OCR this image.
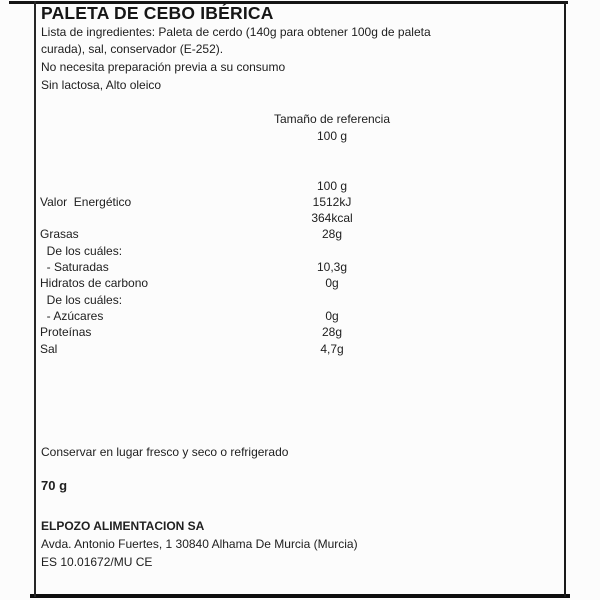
PALETA DE CEBO IBÉRICA
Lista de ingredientes: Paleta de cerdo (140g para obtener 100g de paleta
curada), sal, conservador (E-252).
No necesita preparación previa a su consumo
Sin lactosa, Alto oleico
Tamaño de referencia
100 g
100 g
Valor  Energético	1512kJ
364kcal
Grasas	28g
De los cuáles:
- Saturadas	10,3g
Hidratos de carbono	0g
De los cuáles:
- Azúcares	0g
Proteínas	28g
Sal	4,7g
Conservar en lugar fresco y seco o refrigerado
70 g
ELPOZO ALIMENTACION SA
Avda. Antonio Fuertes, 1 30840 Alhama De Murcia (Murcia)
ES 10.01672/MU CE
